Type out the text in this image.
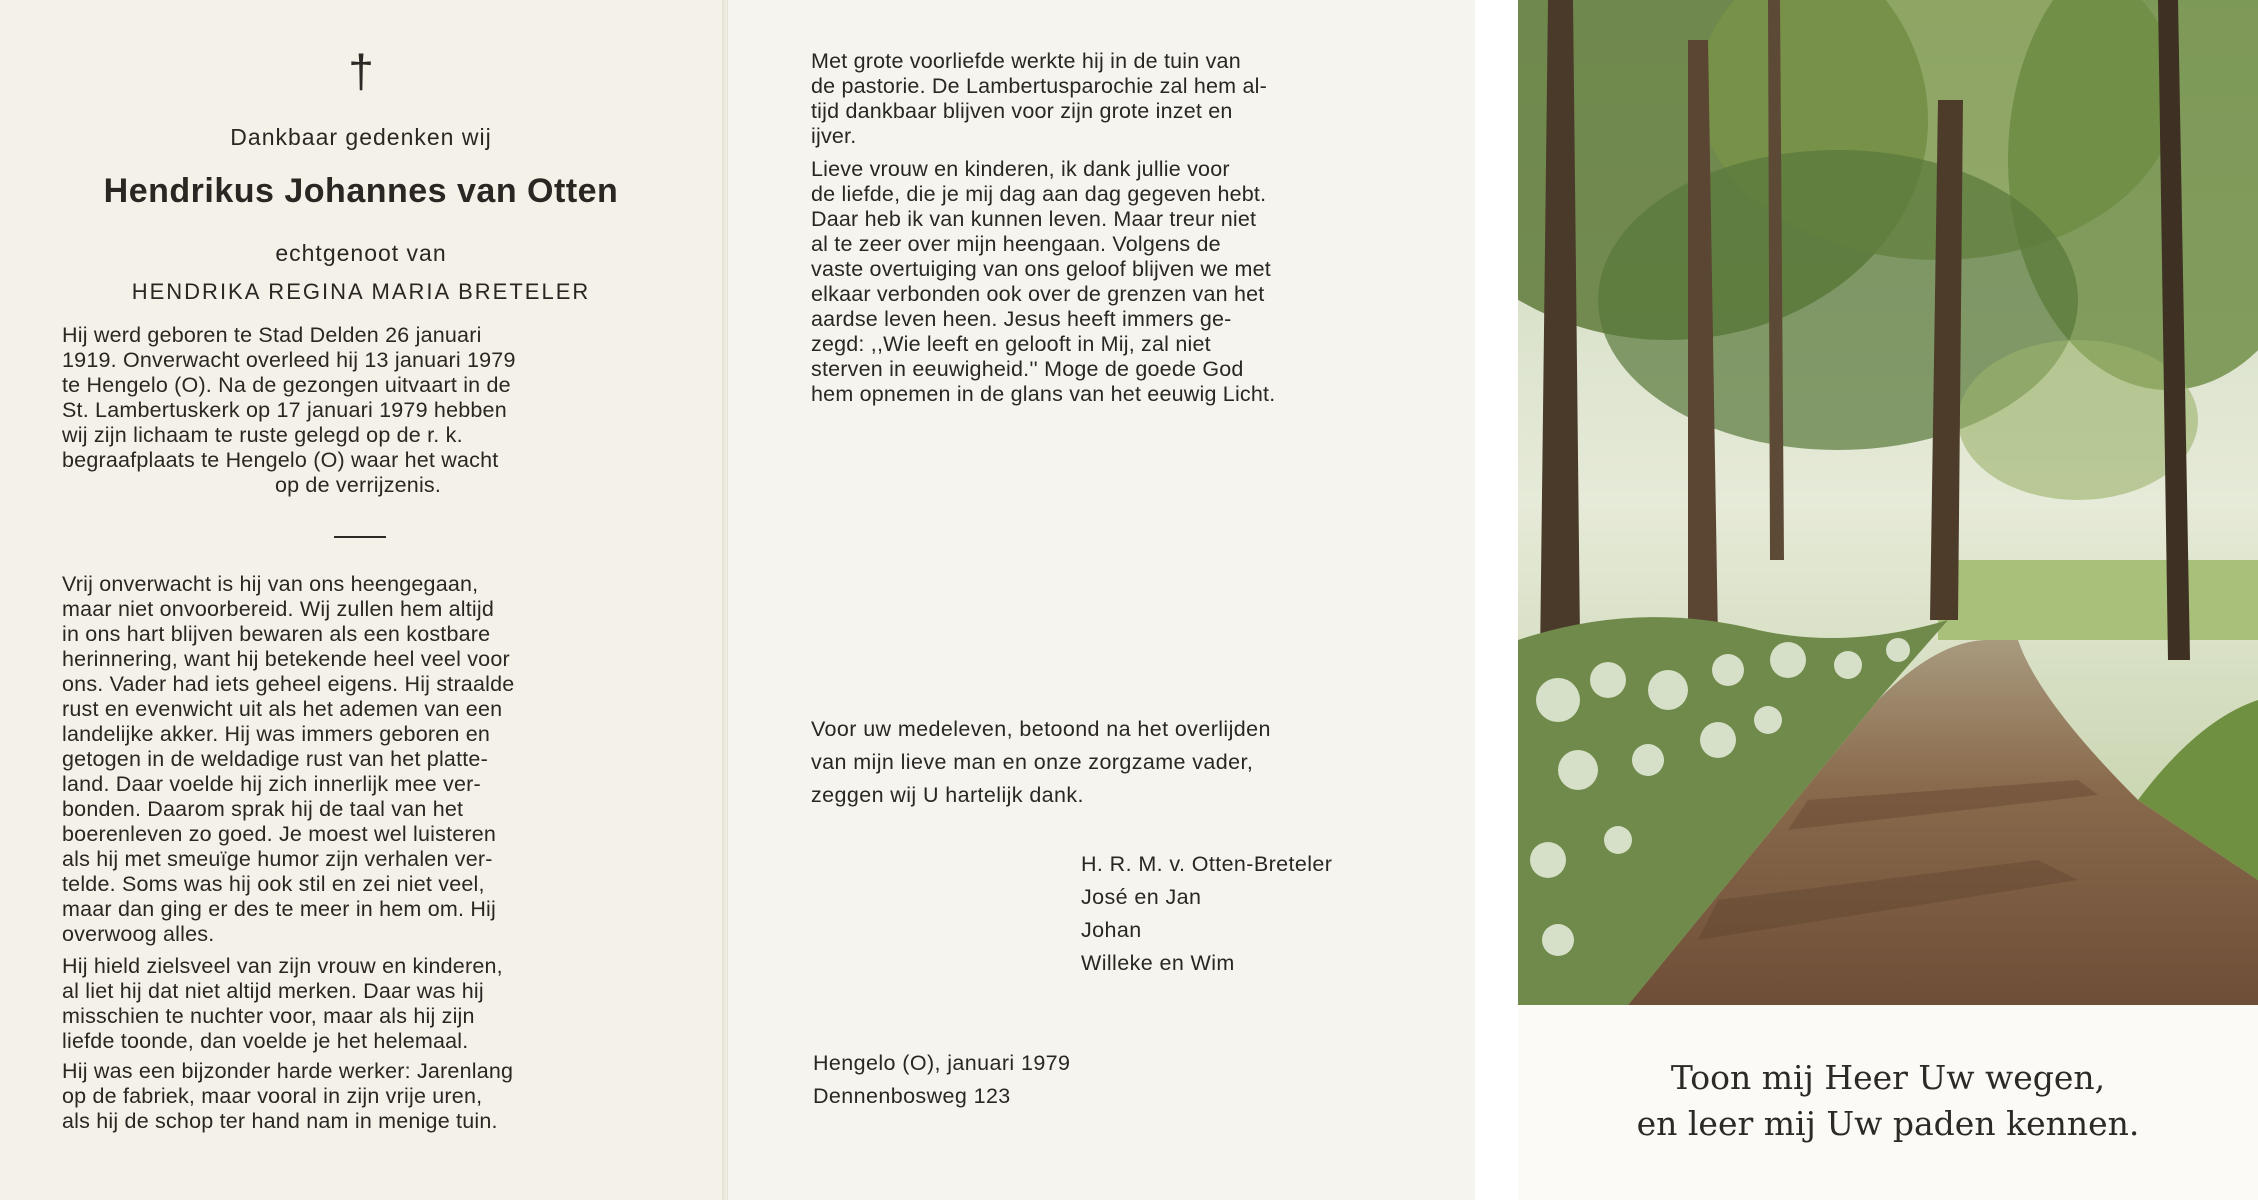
†
Dankbaar gedenken wij
Hendrikus Johannes van Otten
echtgenoot van
HENDRIKA REGINA MARIA BRETELER
Hij werd geboren te Stad Delden 26 januari
1919. Onverwacht overleed hij 13 januari 1979
te Hengelo (O). Na de gezongen uitvaart in de
St. Lambertuskerk op 17 januari 1979 hebben
wij zijn lichaam te ruste gelegd op de r. k.
begraafplaats te Hengelo (O) waar het wacht
op de verrijzenis.
Vrij onverwacht is hij van ons heengegaan,
maar niet onvoorbereid. Wij zullen hem altijd
in ons hart blijven bewaren als een kostbare
herinnering, want hij betekende heel veel voor
ons. Vader had iets geheel eigens. Hij straalde
rust en evenwicht uit als het ademen van een
landelijke akker. Hij was immers geboren en
getogen in de weldadige rust van het platte-
land. Daar voelde hij zich innerlijk mee ver-
bonden. Daarom sprak hij de taal van het
boerenleven zo goed. Je moest wel luisteren
als hij met smeuïge humor zijn verhalen ver-
telde. Soms was hij ook stil en zei niet veel,
maar dan ging er des te meer in hem om. Hij
overwoog alles.
Hij hield zielsveel van zijn vrouw en kinderen,
al liet hij dat niet altijd merken. Daar was hij
misschien te nuchter voor, maar als hij zijn
liefde toonde, dan voelde je het helemaal.
Hij was een bijzonder harde werker: Jarenlang
op de fabriek, maar vooral in zijn vrije uren,
als hij de schop ter hand nam in menige tuin.
Met grote voorliefde werkte hij in de tuin van
de pastorie. De Lambertusparochie zal hem al-
tijd dankbaar blijven voor zijn grote inzet en
ijver.
Lieve vrouw en kinderen, ik dank jullie voor
de liefde, die je mij dag aan dag gegeven hebt.
Daar heb ik van kunnen leven. Maar treur niet
al te zeer over mijn heengaan. Volgens de
vaste overtuiging van ons geloof blijven we met
elkaar verbonden ook over de grenzen van het
aardse leven heen. Jesus heeft immers ge-
zegd: ,,Wie leeft en gelooft in Mij, zal niet
sterven in eeuwigheid.'' Moge de goede God
hem opnemen in de glans van het eeuwig Licht.
Voor uw medeleven, betoond na het overlijden
van mijn lieve man en onze zorgzame vader,
zeggen wij U hartelijk dank.
H. R. M. v. Otten-Breteler
José en Jan
Johan
Willeke en Wim
Hengelo (O), januari 1979
Dennenbosweg 123	Toon mij Heer Uw wegen,
en leer mij Uw paden kennen.
